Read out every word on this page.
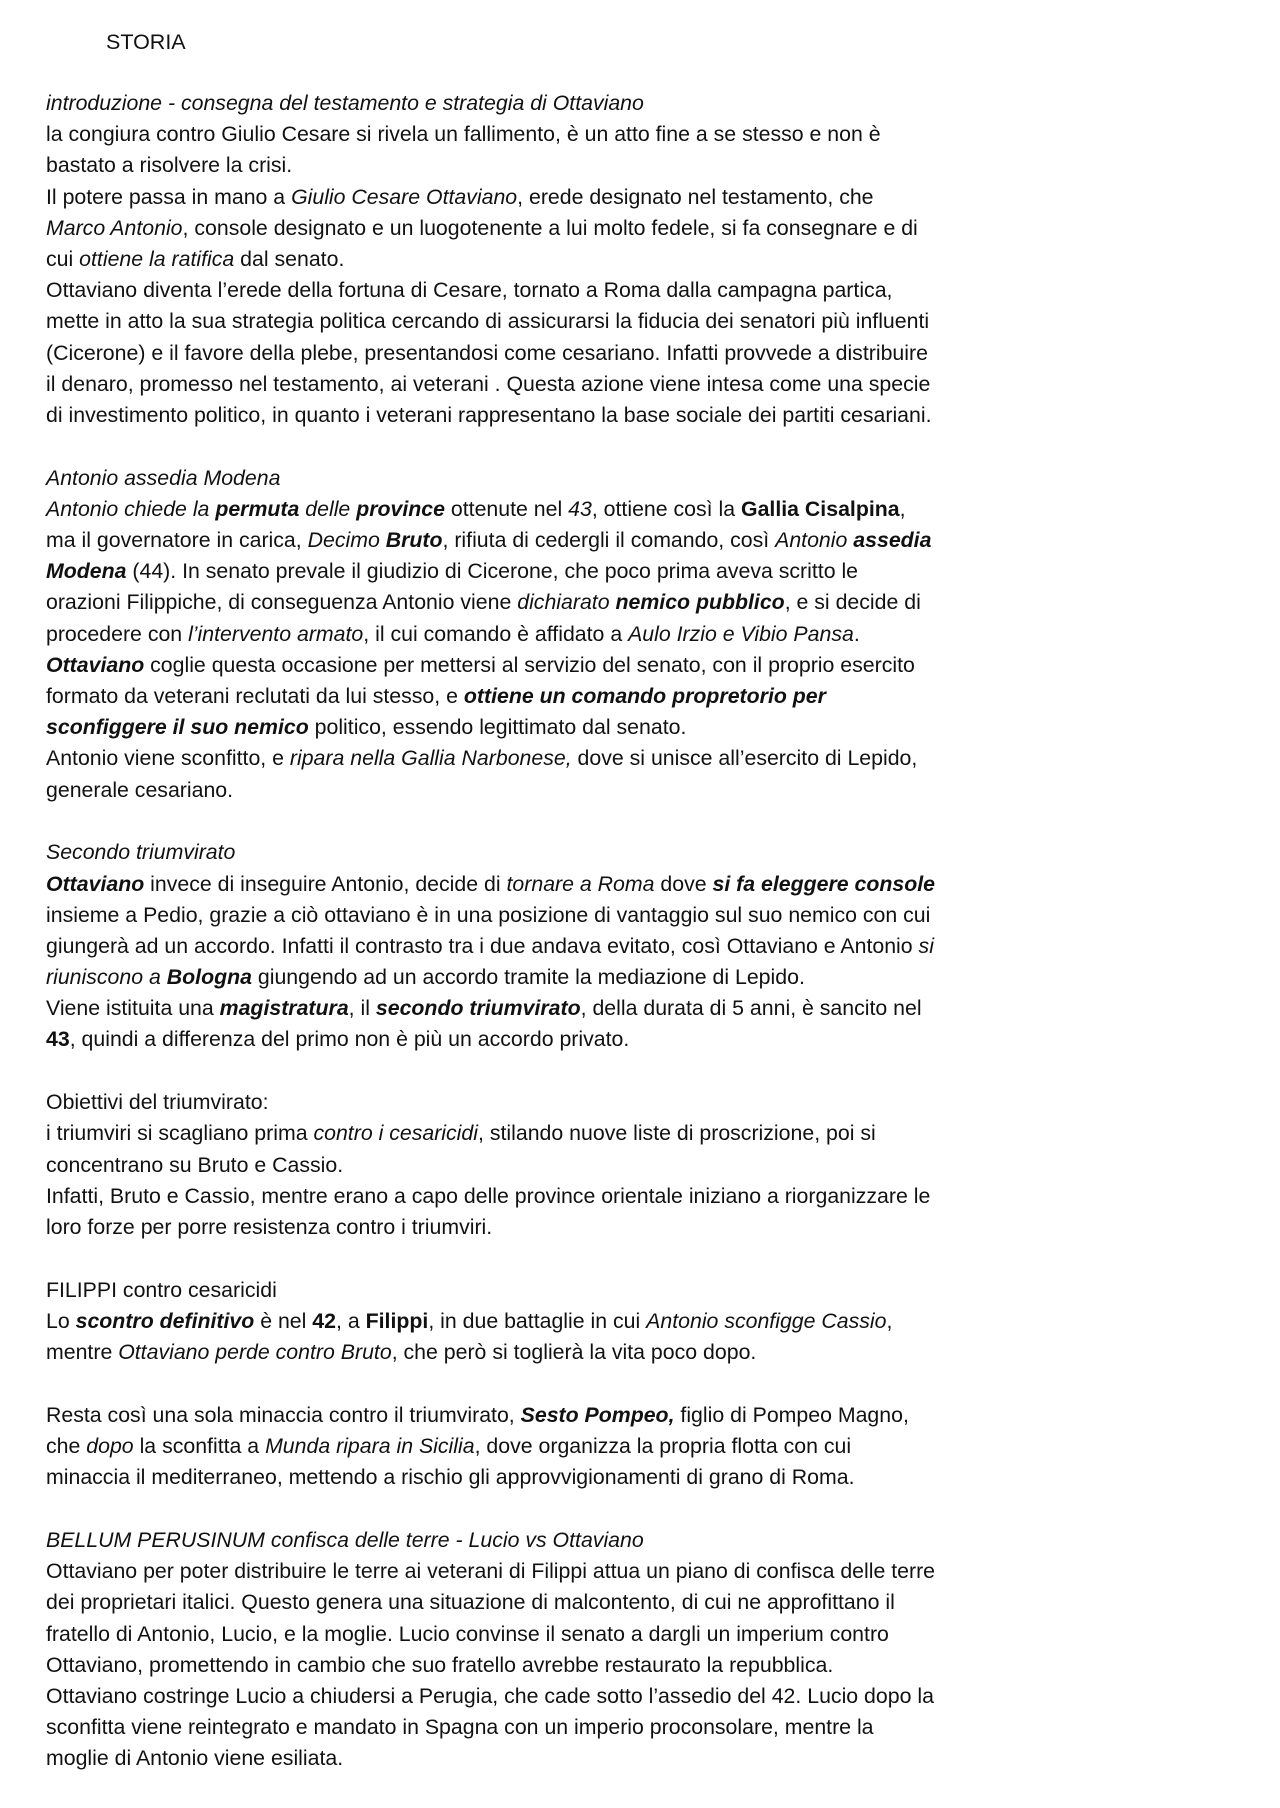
STORIA
introduzione - consegna del testamento e strategia di Ottaviano
la congiura contro Giulio Cesare si rivela un fallimento, è un atto fine a se stesso e non è
bastato a risolvere la crisi.
Il potere passa in mano a Giulio Cesare Ottaviano, erede designato nel testamento, che
Marco Antonio, console designato e un luogotenente a lui molto fedele, si fa consegnare e di
cui ottiene la ratifica dal senato.
Ottaviano diventa l’erede della fortuna di Cesare, tornato a Roma dalla campagna partica,
mette in atto la sua strategia politica cercando di assicurarsi la fiducia dei senatori più influenti
(Cicerone) e il favore della plebe, presentandosi come cesariano. Infatti provvede a distribuire
il denaro, promesso nel testamento, ai veterani . Questa azione viene intesa come una specie
di investimento politico, in quanto i veterani rappresentano la base sociale dei partiti cesariani.
Antonio assedia Modena
Antonio chiede la permuta delle province ottenute nel 43, ottiene così la Gallia Cisalpina,
ma il governatore in carica, Decimo Bruto, rifiuta di cedergli il comando, così Antonio assedia
Modena (44). In senato prevale il giudizio di Cicerone, che poco prima aveva scritto le
orazioni Filippiche, di conseguenza Antonio viene dichiarato nemico pubblico, e si decide di
procedere con l’intervento armato, il cui comando è affidato a Aulo Irzio e Vibio Pansa.
Ottaviano coglie questa occasione per mettersi al servizio del senato, con il proprio esercito
formato da veterani reclutati da lui stesso, e ottiene un comando propretorio per
sconfiggere il suo nemico politico, essendo legittimato dal senato.
Antonio viene sconfitto, e ripara nella Gallia Narbonese, dove si unisce all’esercito di Lepido,
generale cesariano.
Secondo triumvirato
Ottaviano invece di inseguire Antonio, decide di tornare a Roma dove si fa eleggere console
insieme a Pedio, grazie a ciò ottaviano è in una posizione di vantaggio sul suo nemico con cui
giungerà ad un accordo. Infatti il contrasto tra i due andava evitato, così Ottaviano e Antonio si
riuniscono a Bologna giungendo ad un accordo tramite la mediazione di Lepido.
Viene istituita una magistratura, il secondo triumvirato, della durata di 5 anni, è sancito nel
43, quindi a differenza del primo non è più un accordo privato.
Obiettivi del triumvirato:
i triumviri si scagliano prima contro i cesaricidi, stilando nuove liste di proscrizione, poi si
concentrano su Bruto e Cassio.
Infatti, Bruto e Cassio, mentre erano a capo delle province orientale iniziano a riorganizzare le
loro forze per porre resistenza contro i triumviri.
FILIPPI contro cesaricidi
Lo scontro definitivo è nel 42, a Filippi, in due battaglie in cui Antonio sconfigge Cassio,
mentre Ottaviano perde contro Bruto, che però si toglierà la vita poco dopo.
Resta così una sola minaccia contro il triumvirato, Sesto Pompeo, figlio di Pompeo Magno,
che dopo la sconfitta a Munda ripara in Sicilia, dove organizza la propria flotta con cui
minaccia il mediterraneo, mettendo a rischio gli approvvigionamenti di grano di Roma.
BELLUM PERUSINUM confisca delle terre - Lucio vs Ottaviano
Ottaviano per poter distribuire le terre ai veterani di Filippi attua un piano di confisca delle terre
dei proprietari italici. Questo genera una situazione di malcontento, di cui ne approfittano il
fratello di Antonio, Lucio, e la moglie. Lucio convinse il senato a dargli un imperium contro
Ottaviano, promettendo in cambio che suo fratello avrebbe restaurato la repubblica.
Ottaviano costringe Lucio a chiudersi a Perugia, che cade sotto l’assedio del 42. Lucio dopo la
sconfitta viene reintegrato e mandato in Spagna con un imperio proconsolare, mentre la
moglie di Antonio viene esiliata.
